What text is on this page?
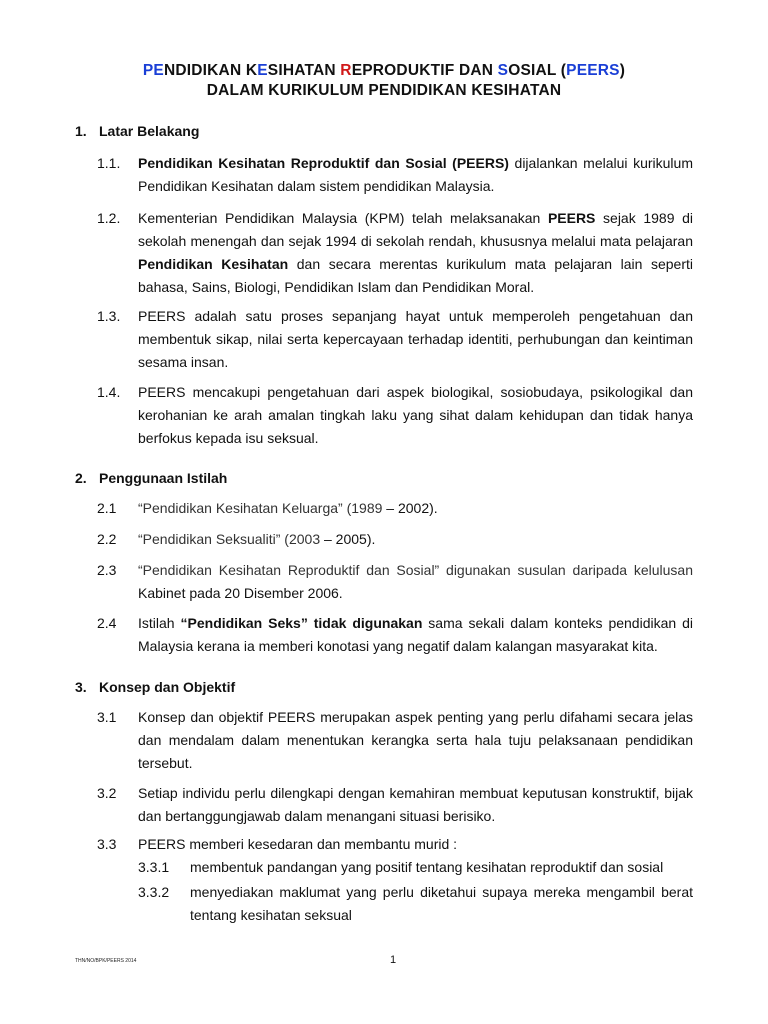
PENDIDIKAN KESIHATAN REPRODUKTIF DAN SOSIAL (PEERS)
DALAM KURIKULUM PENDIDIKAN KESIHATAN
1. Latar Belakang
1.1. Pendidikan Kesihatan Reproduktif dan Sosial (PEERS) dijalankan melalui kurikulum Pendidikan Kesihatan dalam sistem pendidikan Malaysia.
1.2. Kementerian Pendidikan Malaysia (KPM) telah melaksanakan PEERS sejak 1989 di sekolah menengah dan sejak 1994 di sekolah rendah, khususnya melalui mata pelajaran Pendidikan Kesihatan dan secara merentas kurikulum mata pelajaran lain seperti bahasa, Sains, Biologi, Pendidikan Islam dan Pendidikan Moral.
1.3. PEERS adalah satu proses sepanjang hayat untuk memperoleh pengetahuan dan membentuk sikap, nilai serta kepercayaan terhadap identiti, perhubungan dan keintiman sesama insan.
1.4. PEERS mencakupi pengetahuan dari aspek biologikal, sosiobudaya, psikologikal dan kerohanian ke arah amalan tingkah laku yang sihat dalam kehidupan dan tidak hanya berfokus kepada isu seksual.
2. Penggunaan Istilah
2.1 “Pendidikan Kesihatan Keluarga” (1989 – 2002).
2.2 “Pendidikan Seksualiti” (2003 – 2005).
2.3 “Pendidikan Kesihatan Reproduktif dan Sosial” digunakan susulan daripada kelulusan Kabinet pada 20 Disember 2006.
2.4 Istilah “Pendidikan Seks” tidak digunakan sama sekali dalam konteks pendidikan di Malaysia kerana ia memberi konotasi yang negatif dalam kalangan masyarakat kita.
3. Konsep dan Objektif
3.1 Konsep dan objektif PEERS merupakan aspek penting yang perlu difahami secara jelas dan mendalam dalam menentukan kerangka serta hala tuju pelaksanaan pendidikan tersebut.
3.2 Setiap individu perlu dilengkapi dengan kemahiran membuat keputusan konstruktif, bijak dan bertanggungjawab dalam menangani situasi berisiko.
3.3 PEERS memberi kesedaran dan membantu murid :
3.3.1 membentuk pandangan yang positif tentang kesihatan reproduktif dan sosial
3.3.2 menyediakan maklumat yang perlu diketahui supaya mereka mengambil berat tentang kesihatan seksual
THN/NO/BPK/PEERS 2014	1
